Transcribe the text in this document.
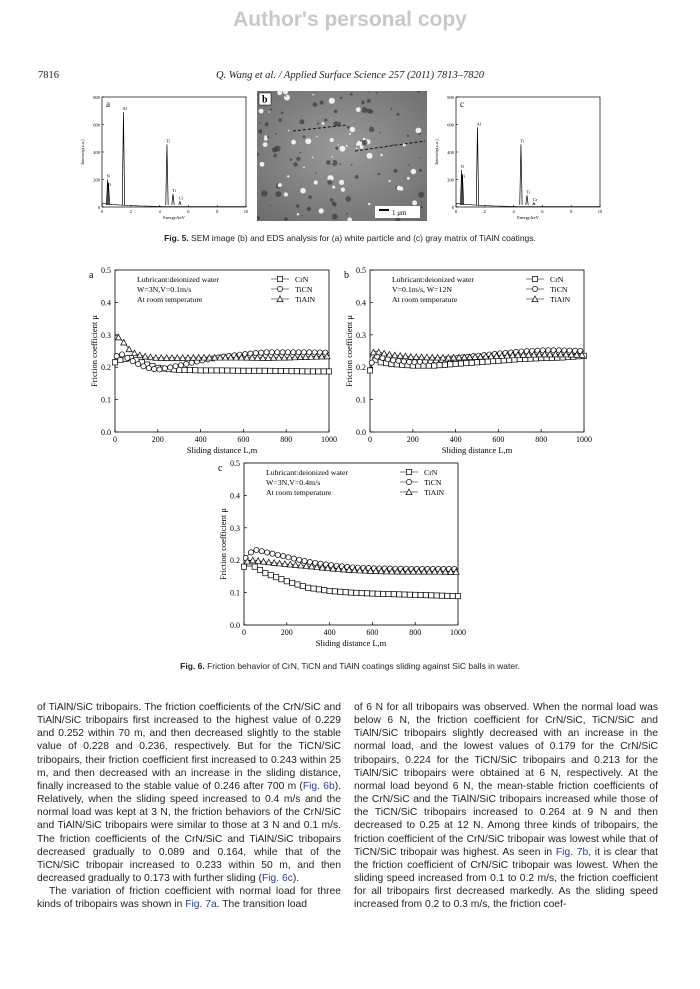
Author's personal copy
7816	Q. Wang et al. / Applied Surface Science 257 (2011) 7813–7820
0
200
400
600
800
0	2	4	6	8	10
N
Ti
Al
Ti
Ti
Cr
a
Intensity(a.u.)
Energy/keV
b
1 μm
0
200
400
600
800
0	2	4	6	8	10
N
Ti
Al
Ti
Ti
Cr
c
Intensity(a.u.)
Energy/keV
Fig. 5. SEM image (b) and EDS analysis for (a) white particle and (c) gray matrix of TiAlN coatings.
0.0
0.1
0.2
0.3
0.4
0.5
0	200	400	600	800	1000
a	Lubricant:deionized water
W=3N,V=0.1m/s
At room temperature
CrN
TiCN
TiAlN
Friction coefficient μ
Sliding distance L,m
0.0
0.1
0.2
0.3
0.4
0.5
0	200	400	600	800	1000
b	Lubricant:deionized water
V=0.1m/s, W=12N
At room temperature
CrN
TiCN
TiAlN
Friction coefficient μ
Sliding distance L,m
0.0
0.1
0.2
0.3
0.4
0.5
0	200	400	600	800	1000
c	Lubricant:deionized water
W=3N,V=0.4m/s
At room temperature
CrN
TiCN
TiAlN
Friction coefficient μ
Sliding distance L,m
Fig. 6. Friction behavior of CrN, TiCN and TiAlN coatings sliding against SiC balls in water.

of TiAlN/SiC tribopairs. The friction coefficients of the CrN/SiC and TiAlN/SiC tribopairs first increased to the highest value of 0.229 and 0.252 within 70 m, and then decreased slightly to the stable value of 0.228 and 0.236, respectively. But for the TiCN/SiC tribopairs, their friction coefficient first increased to 0.243 within 25 m, and then decreased with an increase in the sliding distance, finally increased to the stable value of 0.246 after 700 m (Fig. 6b). Relatively, when the sliding speed increased to 0.4 m/s and the normal load was kept at 3 N, the friction behaviors of the CrN/SiC and TiAlN/SiC tribopairs were similar to those at 3 N and 0.1 m/s. The friction coefficients of the CrN/SiC and TiAlN/SiC tribopairs decreased gradually to 0.089 and 0.164, while that of the TiCN/SiC tribopair increased to 0.233 within 50 m, and then decreased gradually to 0.173 with further sliding (Fig. 6c).

The variation of friction coefficient with normal load for three kinds of tribopairs was shown in Fig. 7a. The transition load

of 6 N for all tribopairs was observed. When the normal load was below 6 N, the friction coefficient for CrN/SiC, TiCN/SiC and TiAlN/SiC tribopairs slightly decreased with an increase in the normal load, and the lowest values of 0.179 for the CrN/SiC tribopairs, 0.224 for the TiCN/SiC tribopairs and 0.213 for the TiAlN/SiC tribopairs were obtained at 6 N, respectively. At the normal load beyond 6 N, the mean-stable friction coefficients of the CrN/SiC and the TiAlN/SiC tribopairs increased while those of the TiCN/SiC tribopairs increased to 0.264 at 9 N and then decreased to 0.25 at 12 N. Among three kinds of tribopairs, the friction coefficient of the CrN/SiC tribopair was lowest while that of TiCN/SiC tribopair was highest. As seen in Fig. 7b, it is clear that the friction coefficient of CrN/SiC tribopair was lowest. When the sliding speed increased from 0.1 to 0.2 m/s, the friction coefficient for all tribopairs first decreased markedly. As the sliding speed increased from 0.2 to 0.3 m/s, the friction coef-
